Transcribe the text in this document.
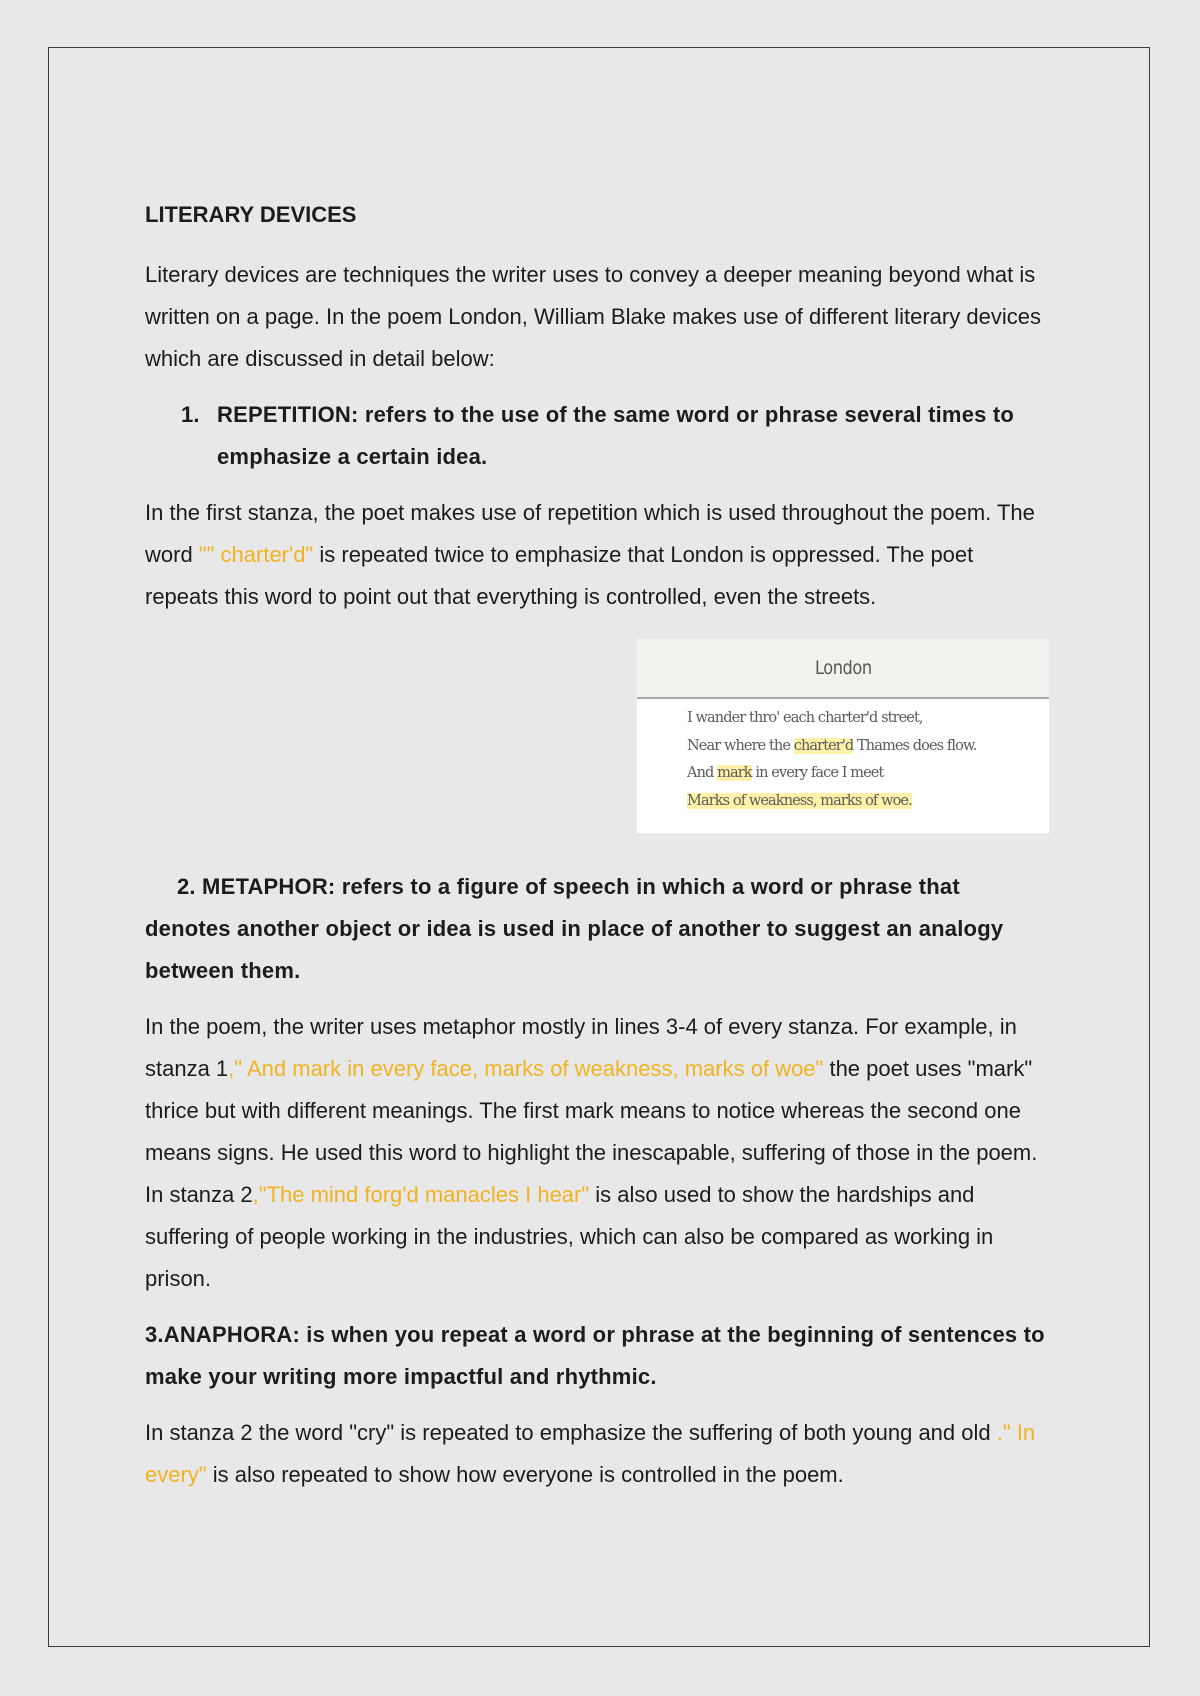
LITERARY DEVICES

Literary devices are techniques the writer uses to convey a deeper meaning beyond what is written on a page. In the poem London, William Blake makes use of different literary devices which are discussed in detail below:

1. REPETITION: refers to the use of the same word or phrase several times to emphasize a certain idea.

In the first stanza, the poet makes use of repetition which is used throughout the poem. The word "" charter'd" is repeated twice to emphasize that London is oppressed. The poet repeats this word to point out that everything is controlled, even the streets.

London
I wander thro' each charter'd street,
Near where the charter'd Thames does flow.
And mark in every face I meet
Marks of weakness, marks of woe.
2. METAPHOR: refers to a figure of speech in which a word or phrase that denotes another object or idea is used in place of another to suggest an analogy between them.

In the poem, the writer uses metaphor mostly in lines 3-4 of every stanza. For example, in stanza 1," And mark in every face, marks of weakness, marks of woe" the poet uses "mark" thrice but with different meanings. The first mark means to notice whereas the second one means signs. He used this word to highlight the inescapable, suffering of those in the poem. In stanza 2,"The mind forg'd manacles I hear" is also used to show the hardships and suffering of people working in the industries, which can also be compared as working in prison.

3.ANAPHORA: is when you repeat a word or phrase at the beginning of sentences to make your writing more impactful and rhythmic.

In stanza 2 the word "cry" is repeated to emphasize the suffering of both young and old ." In every" is also repeated to show how everyone is controlled in the poem.
